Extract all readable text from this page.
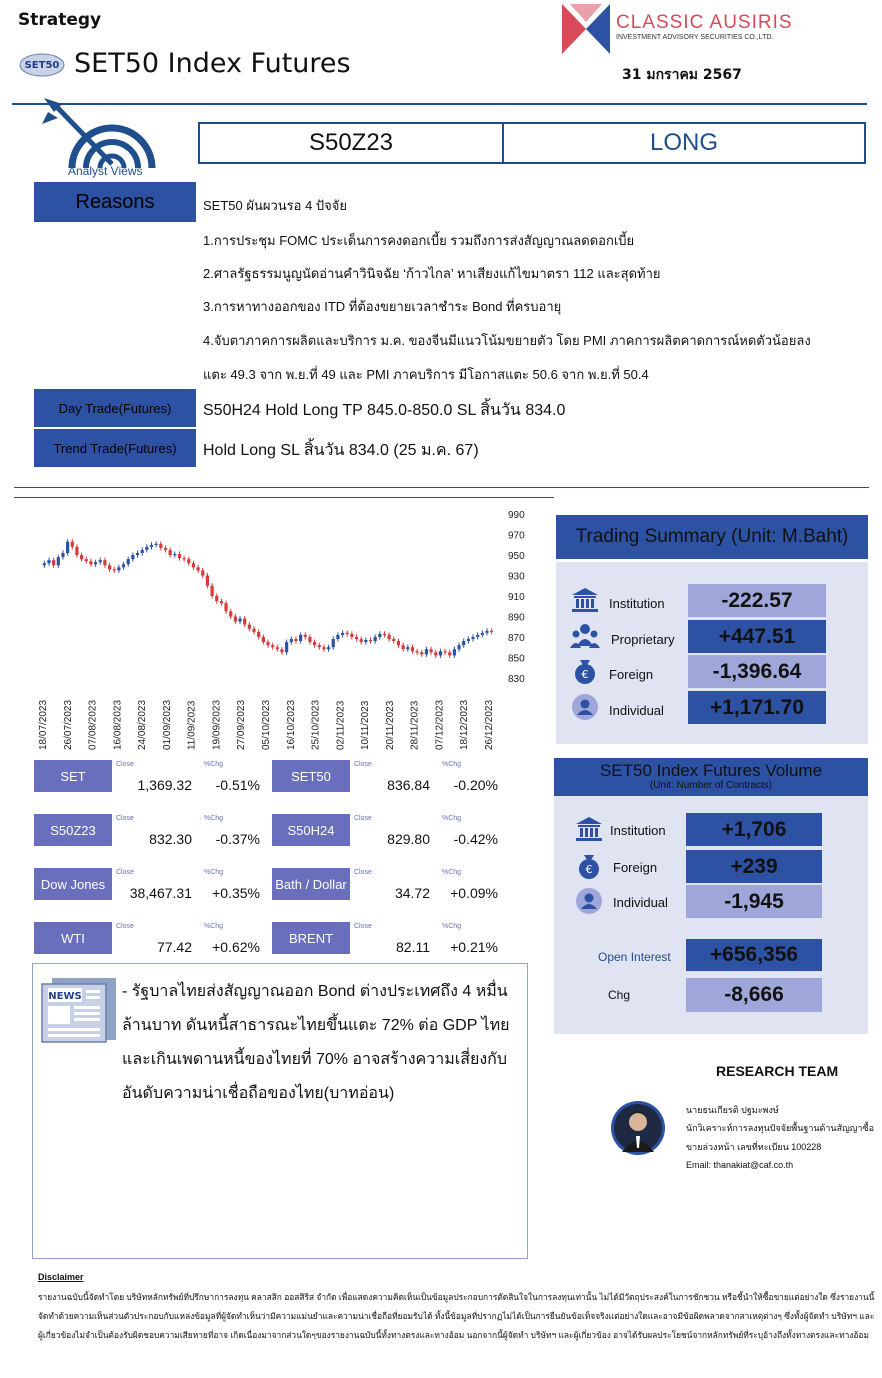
Strategy
SET50 SET50 Index Futures
CLASSIC AUSIRIS
INVESTMENT ADVISORY SECURITIES CO.,LTD.
31 มกราคม 2567
Analyst Views
S50Z23	LONG
Reasons	SET50 ผันผวนรอ 4 ปัจจัย
1.การประชุม FOMC ประเด็นการคงดอกเบี้ย รวมถึงการส่งสัญญาณลดดอกเบี้ย
2.ศาลรัฐธรรมนูญนัดอ่านคำวินิจฉัย ‘ก้าวไกล’ หาเสียงแก้ไขมาตรา 112 และสุดท้าย
3.การหาทางออกของ ITD ที่ต้องขยายเวลาชำระ Bond ที่ครบอายุ
4.จับตาภาคการผลิตและบริการ ม.ค. ของจีนมีแนวโน้มขยายตัว โดย PMI ภาคการผลิตคาดการณ์หดตัวน้อยลง
แตะ 49.3 จาก พ.ย.ที่ 49 และ PMI ภาคบริการ มีโอกาสแตะ 50.6 จาก พ.ย.ที่ 50.4
Day Trade(Futures)	S50H24 Hold Long TP 845.0-850.0 SL สิ้นวัน 834.0
Trend Trade(Futures)	Hold Long SL สิ้นวัน 834.0 (25 ม.ค. 67)
990
970
950
930
910
890
870
850
830
18/07/2023 26/07/2023 07/08/2023 16/08/2023 24/08/2023 01/09/2023 11/09/2023 19/09/2023 27/09/2023 05/10/2023 16/10/2023 25/10/2023 02/11/2023 10/11/2023 20/11/2023 28/11/2023 07/12/2023 18/12/2023 26/12/2023
SET
Close	%Chg
1,369.32	-0.51%
SET50
Close	%Chg
836.84	-0.20%
S50Z23
Close	%Chg
832.30	-0.37%
S50H24
Close	%Chg
829.80	-0.42%
Dow Jones
Close	%Chg
38,467.31	+0.35%
Bath / Dollar
Close	%Chg
34.72	+0.09%
WTI
Close	%Chg
77.42	+0.62%
BRENT
Close	%Chg
82.11	+0.21%
NEWS	- รัฐบาลไทยส่งสัญญาณออก Bond ต่างประเทศถึง 4 หมื่นล้านบาท ดันหนี้สาธารณะไทยขึ้นแตะ 72% ต่อ GDP ไทย และเกินเพดานหนี้ของไทยที่ 70% อาจสร้างความเสี่ยงกับอันดับความน่าเชื่อถือของไทย(บาทอ่อน)
Trading Summary (Unit: M.Baht)
Institution	-222.57
Proprietary	+447.51
€ Foreign	-1,396.64
Individual	+1,171.70
SET50 Index Futures Volume
(Unit: Number of Contracts)
Institution	+1,706
€ Foreign	+239
Individual	-1,945
Open Interest	+656,356
Chg	-8,666
RESEARCH TEAM
นายธนเกียรติ ปฐมะพงษ์
นักวิเคราะห์การลงทุนปัจจัยพื้นฐานด้านสัญญาซื้อ
ขายล่วงหน้า เลขที่ทะเบียน 100228
Email: thanakiat@caf.co.th
Disclaimer
รายงานฉบับนี้จัดทำโดย บริษัทหลักทรัพย์ที่ปรึกษาการลงทุน คลาสสิก ออสสิริส จำกัด เพื่อแสดงความคิดเห็นเป็นข้อมูลประกอบการตัดสินใจในการลงทุนเท่านั้น ไม่ได้มีวัตถุประสงค์ในการชักชวน หรือชี้นำให้ซื้อขายแต่อย่างใด ซึ่งรายงานนี้ จัดทำด้วยความเห็นส่วนตัวประกอบกับแหล่งข้อมูลที่ผู้จัดทำเห็นว่ามีความแม่นยำและความน่าเชื่อถือที่ยอมรับได้ ทั้งนี้ข้อมูลที่ปรากฏไม่ได้เป็นการยืนยันข้อเท็จจริงแต่อย่างใดและอาจมีข้อผิดพลาดจากสาเหตุต่างๆ ซึ่งทั้งผู้จัดทำ บริษัทฯ และผู้เกี่ยวข้องไม่จำเป็นต้องรับผิดชอบความเสียหายที่อาจ เกิดเนื่องมาจากส่วนใดๆของรายงานฉบับนี้ทั้งทางตรงและทางอ้อม นอกจากนี้ผู้จัดทำ บริษัทฯ และผู้เกี่ยวข้อง อาจได้รับผลประโยชน์จากหลักทรัพย์ที่ระบุอ้างถึงทั้งทางตรงและทางอ้อม
